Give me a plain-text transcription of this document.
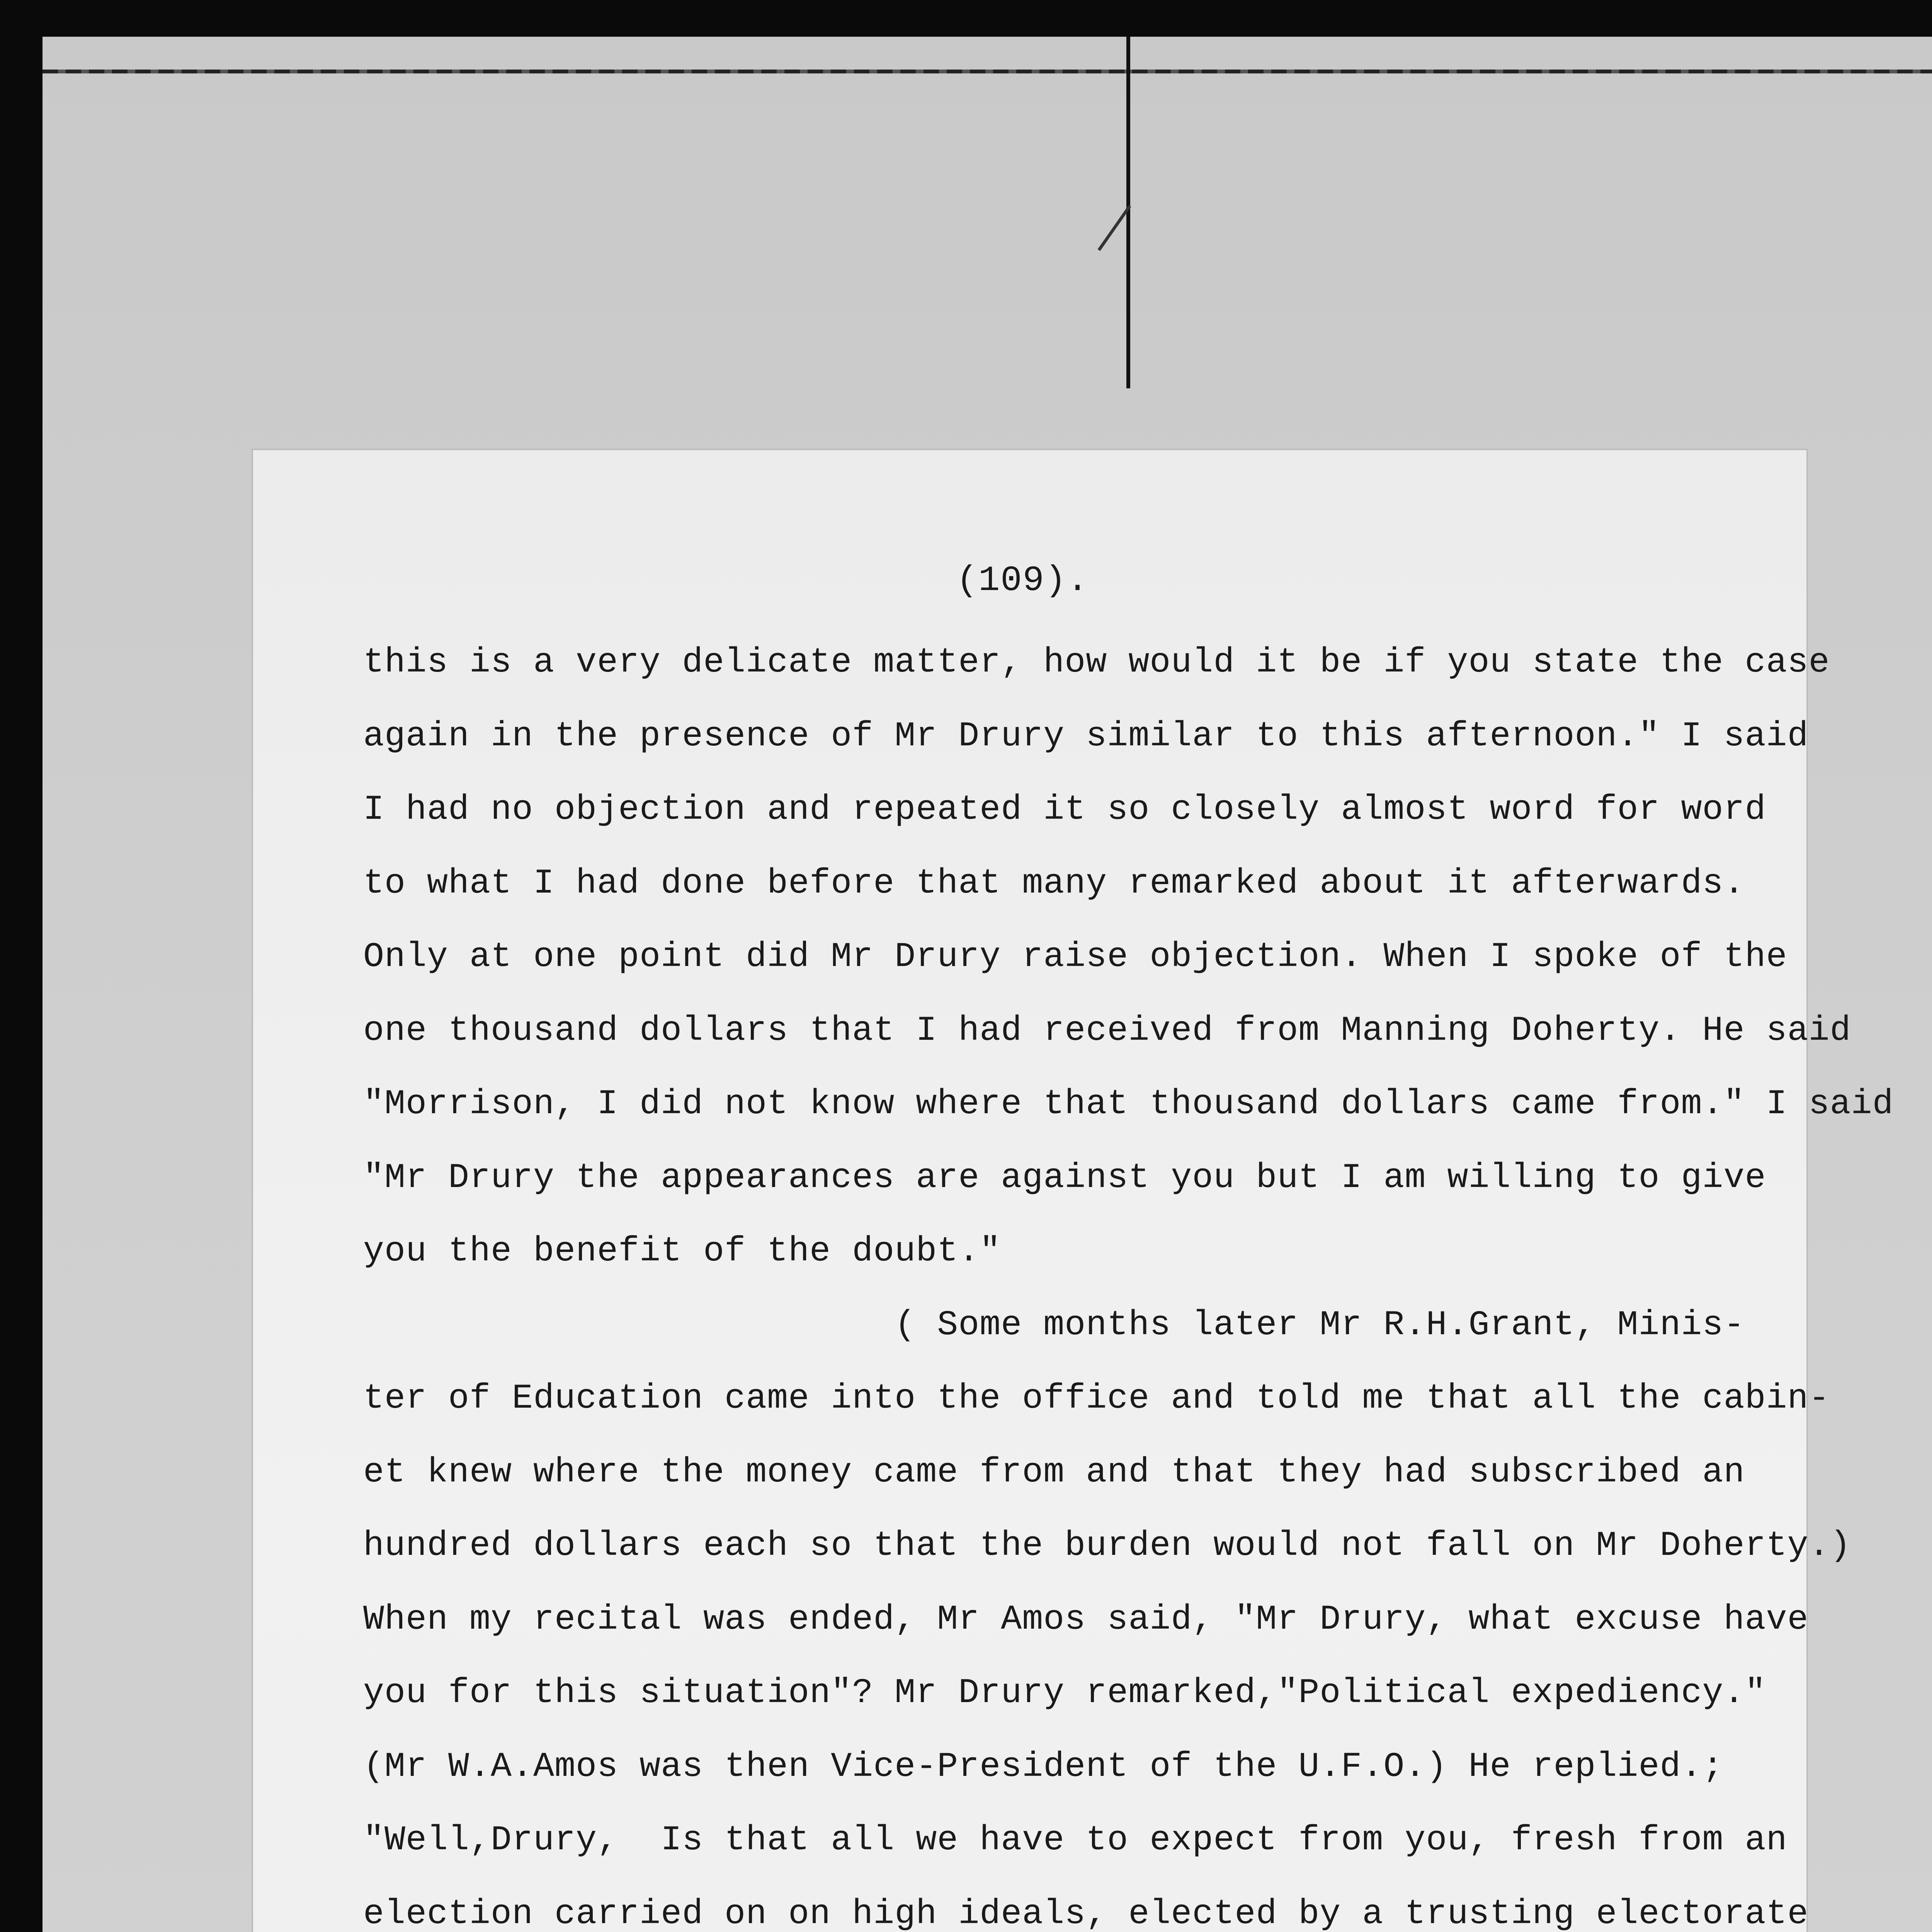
(109).
this is a very delicate matter, how would it be if you state the case
again in the presence of Mr Drury similar to this afternoon." I said
I had no objection and repeated it so closely almost word for word
to what I had done before that many remarked about it afterwards.
Only at one point did Mr Drury raise objection. When I spoke of the
one thousand dollars that I had received from Manning Doherty. He said
"Morrison, I did not know where that thousand dollars came from." I said
"Mr Drury the appearances are against you but I am willing to give
you the benefit of the doubt."
( Some months later Mr R.H.Grant, Minis-
ter of Education came into the office and told me that all the cabin-
et knew where the money came from and that they had subscribed an
hundred dollars each so that the burden would not fall on Mr Doherty.)
When my recital was ended, Mr Amos said, "Mr Drury, what excuse have
you for this situation"? Mr Drury remarked,"Political expediency."
(Mr W.A.Amos was then Vice-President of the U.F.O.) He replied.;
"Well,Drury,  Is that all we have to expect from you, fresh from an
election carried on on high ideals, elected by a trusting electorate
